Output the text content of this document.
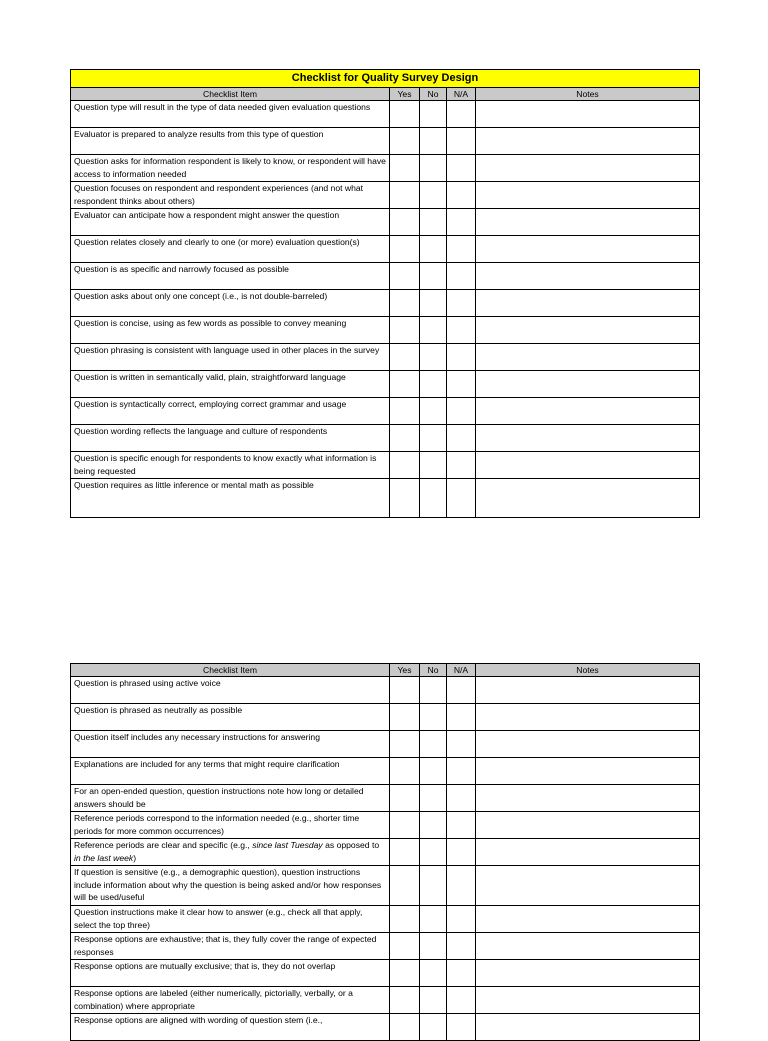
Checklist for Quality Survey Design				
Checklist Item	Yes	No	N/A	Notes
Question type will result in the type of data needed given evaluation questions				
Evaluator is prepared to analyze results from this type of question				
Question asks for information respondent is likely to know, or respondent will have access to information needed				
Question focuses on respondent and respondent experiences (and not what respondent thinks about others)				
Evaluator can anticipate how a respondent might answer the question				
Question relates closely and clearly to one (or more) evaluation question(s)				
Question is as specific and narrowly focused as possible				
Question asks about only one concept (i.e., is not double-barreled)				
Question is concise, using as few words as possible to convey meaning				
Question phrasing is consistent with language used in other places in the survey				
Question is written in semantically valid, plain, straightforward language				
Question is syntactically correct, employing correct grammar and usage				
Question wording reflects the language and culture of respondents				
Question is specific enough for respondents to know exactly what information is being requested				
Question requires as little inference or mental math as possible				
Checklist Item	Yes	No	N/A	Notes
Question is phrased using active voice				
Question is phrased as neutrally as possible				
Question itself includes any necessary instructions for answering				
Explanations are included for any terms that might require clarification				
For an open-ended question, question instructions note how long or detailed answers should be				
Reference periods correspond to the information needed (e.g., shorter time periods for more common occurrences)				
Reference periods are clear and specific (e.g., since last Tuesday as opposed to in the last week)				
If question is sensitive (e.g., a demographic question), question instructions include information about why the question is being asked and/or how responses will be used/useful				
Question instructions make it clear how to answer (e.g., check all that apply, select the top three)				
Response options are exhaustive; that is, they fully cover the range of expected responses				
Response options are mutually exclusive; that is, they do not overlap				
Response options are labeled (either numerically, pictorially, verbally, or a combination) where appropriate				
Response options are aligned with wording of question stem (i.e.,				
